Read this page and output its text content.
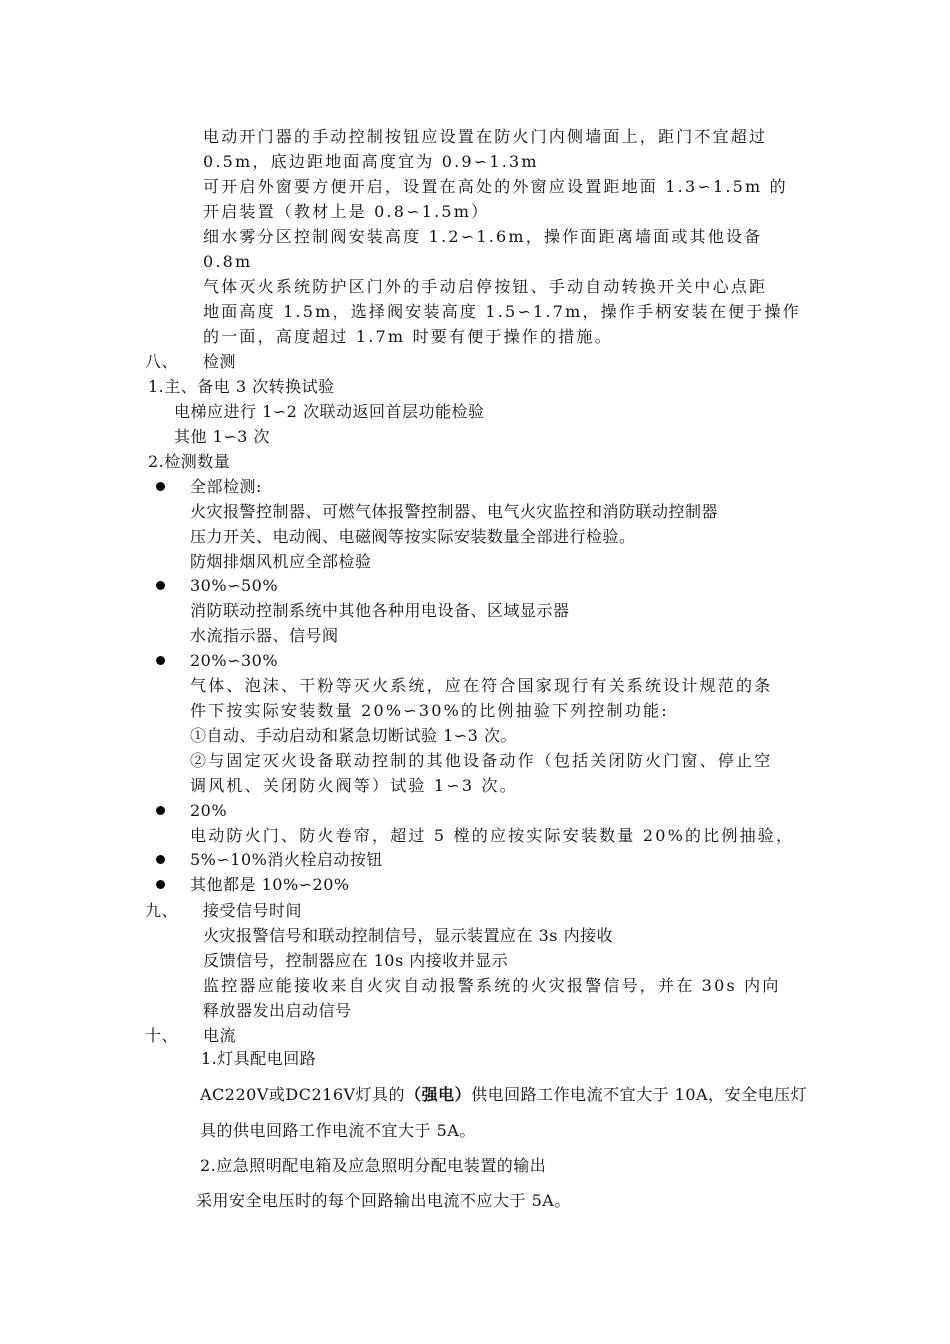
电动开门器的手动控制按钮应设置在防火门内侧墙面上，距门不宜超过
0.5m，底边距地面高度宜为 0.9∽1.3m
可开启外窗要方便开启，设置在高处的外窗应设置距地面 1.3∽1.5m 的
开启装置（教材上是 0.8∽1.5m）
细水雾分区控制阀安装高度 1.2∽1.6m，操作面距离墙面或其他设备
0.8m
气体灭火系统防护区门外的手动启停按钮、手动自动转换开关中心点距
地面高度 1.5m，选择阀安装高度 1.5∽1.7m，操作手柄安装在便于操作
的一面，高度超过 1.7m 时要有便于操作的措施。
八、 检测
1.主、备电 3 次转换试验
电梯应进行 1∽2 次联动返回首层功能检验
其他 1∽3 次
2.检测数量
全部检测:
火灾报警控制器、可燃气体报警控制器、电气火灾监控和消防联动控制器
压力开关、电动阀、电磁阀等按实际安装数量全部进行检验。
防烟排烟风机应全部检验
30%∽50%
消防联动控制系统中其他各种用电设备、区域显示器
水流指示器、信号阀
20%∽30%
气体、泡沫、干粉等灭火系统，应在符合国家现行有关系统设计规范的条
件下按实际安装数量 20%∽30%的比例抽验下列控制功能:
①自动、手动启动和紧急切断试验 1∽3 次。
②与固定灭火设备联动控制的其他设备动作（包括关闭防火门窗、停止空
调风机、关闭防火阀等）试验 1∽3 次。
20%
电动防火门、防火卷帘，超过 5 樘的应按实际安装数量 20%的比例抽验，
5%∽10%消火栓启动按钮
其他都是 10%∽20%
九、 接受信号时间
火灾报警信号和联动控制信号，显示装置应在 3s 内接收
反馈信号，控制器应在 10s 内接收并显示
监控器应能接收来自火灾自动报警系统的火灾报警信号，并在 30s 内向
释放器发出启动信号
十、 电流
1.灯具配电回路
AC220V或DC216V灯具的（强电）供电回路工作电流不宜大于 10A，安全电压灯
具的供电回路工作电流不宜大于 5A。
2.应急照明配电箱及应急照明分配电装置的输出
采用安全电压时的每个回路输出电流不应大于 5A。
